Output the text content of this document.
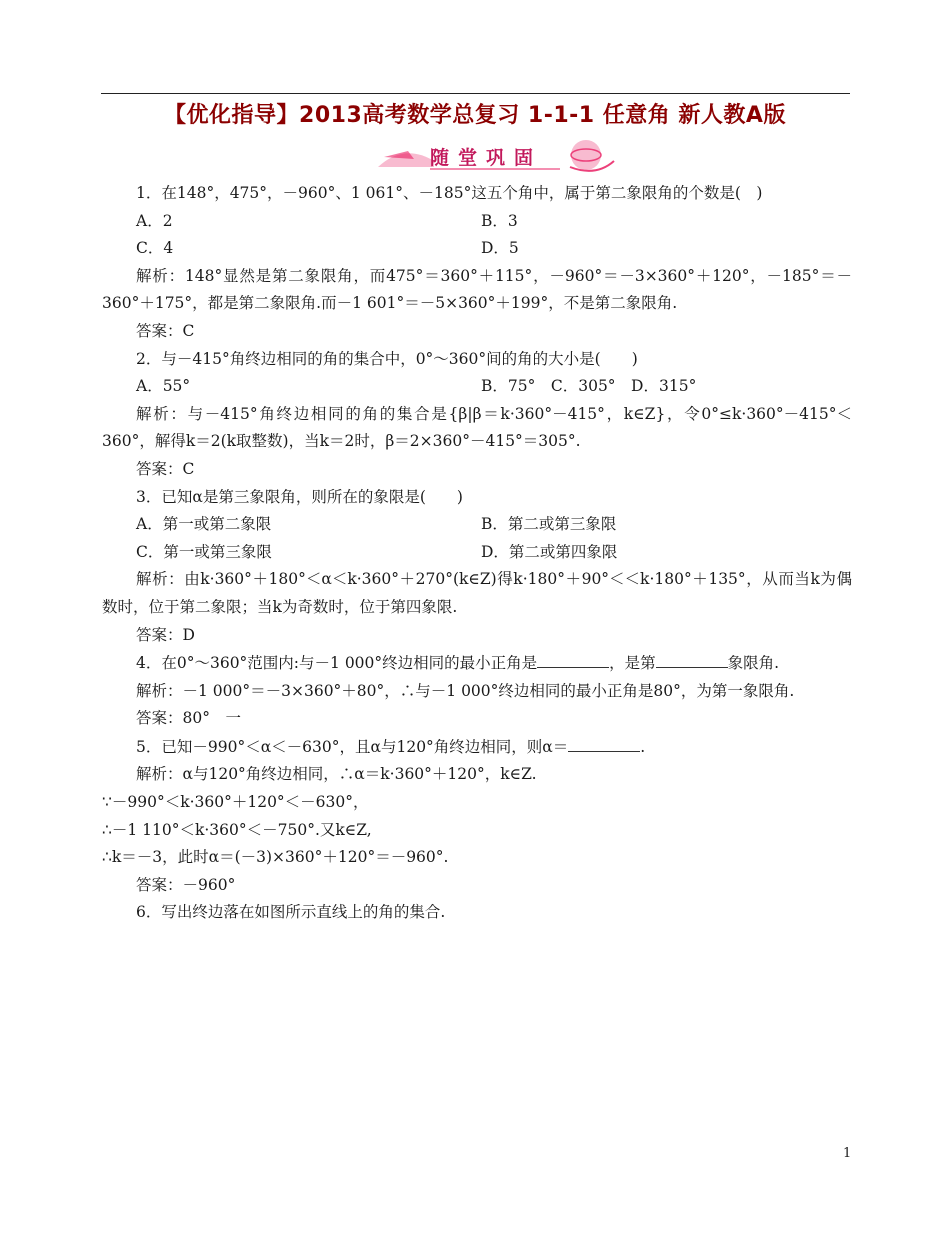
【优化指导】2013高考数学总复习 1-1-1 任意角 新人教A版
随堂巩固

1．在148°，475°，－960°、1 061°、－185°这五个角中，属于第二象限角的个数是(　)

A．2	B．3
C．4	D．5

解析：148°显然是第二象限角，而475°＝360°＋115°，－960°＝－3×360°＋120°，－185°＝－360°＋175°，都是第二象限角.而－1 601°＝－5×360°＋199°，不是第二象限角.

答案：C

2．与－415°角终边相同的角的集合中，0°～360°间的角的大小是(　　)

A．55°	B．75°　C．305°　D．315°

解析：与－415°角终边相同的角的集合是{β|β＝k·360°－415°，k∈Z}，令0°≤k·360°－415°＜360°，解得k＝2(k取整数)，当k＝2时，β＝2×360°－415°＝305°.

答案：C

3．已知α是第三象限角，则所在的象限是(　　)

A．第一或第二象限	B．第二或第三象限
C．第一或第三象限	D．第二或第四象限

解析：由k·360°＋180°＜α＜k·360°＋270°(k∈Z)得k·180°＋90°＜＜k·180°＋135°，从而当k为偶数时，位于第二象限；当k为奇数时，位于第四象限.

答案：D

4．在0°～360°范围内:与－1 000°终边相同的最小正角是	，是第	象限角.

解析：－1 000°＝－3×360°＋80°，∴与－1 000°终边相同的最小正角是80°，为第一象限角.

答案：80°　一

5．已知－990°＜α＜－630°，且α与120°角终边相同，则α＝	.

解析：α与120°角终边相同，∴α＝k·360°＋120°，k∈Z.

∵－990°＜k·360°＋120°＜－630°，

∴－1 110°＜k·360°＜－750°.又k∈Z,

∴k＝－3，此时α＝(－3)×360°＋120°＝－960°.

答案：－960°

6．写出终边落在如图所示直线上的角的集合.

1
